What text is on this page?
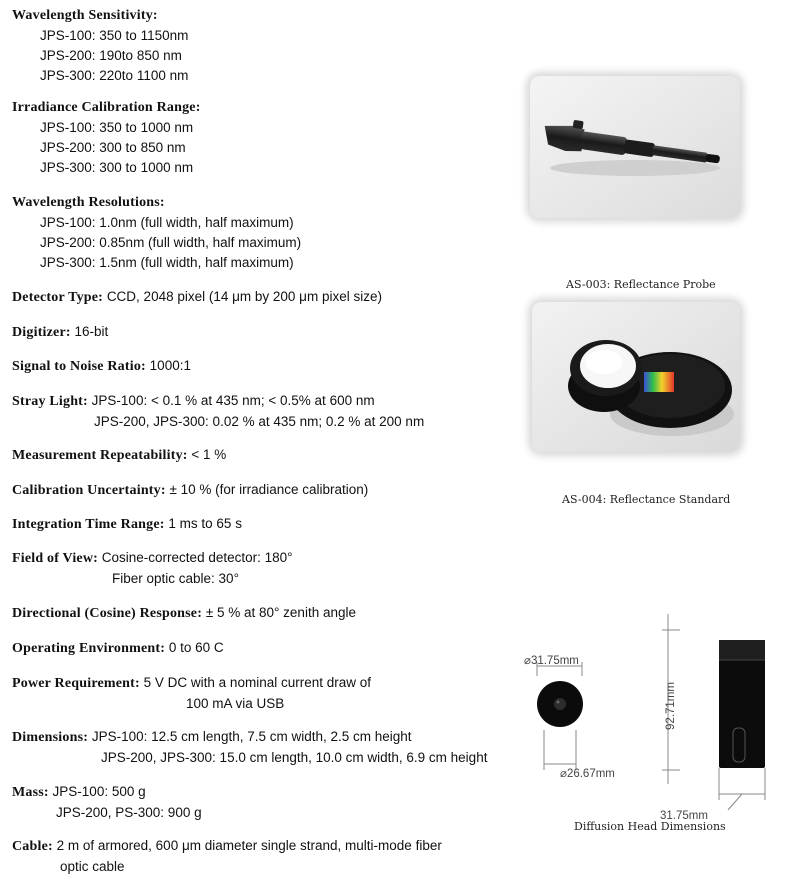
Wavelength Sensitivity:
JPS-100: 350 to 1150nm
JPS-200: 190to 850 nm
JPS-300: 220to 1100 nm
Irradiance Calibration Range:
JPS-100: 350 to 1000 nm
JPS-200: 300 to 850 nm
JPS-300: 300 to 1000 nm
Wavelength Resolutions:
JPS-100: 1.0nm (full width, half maximum)
JPS-200: 0.85nm (full width, half maximum)
JPS-300: 1.5nm (full width, half maximum)
Detector Type: CCD, 2048 pixel (14 μm by 200 μm pixel size)
Digitizer: 16-bit
Signal to Noise Ratio: 1000:1
Stray Light: JPS-100: < 0.1 % at 435 nm; < 0.5% at 600 nm
JPS-200, JPS-300: 0.02 % at 435 nm; 0.2 % at 200 nm
Measurement Repeatability: < 1 %
Calibration Uncertainty: ± 10 % (for irradiance calibration)
Integration Time Range: 1 ms to 65 s
Field of View: Cosine-corrected detector: 180°
Fiber optic cable: 30°
Directional (Cosine) Response: ± 5 % at 80° zenith angle
Operating Environment: 0 to 60 C
Power Requirement: 5 V DC with a nominal current draw of
100 mA via USB
Dimensions: JPS-100: 12.5 cm length, 7.5 cm width, 2.5 cm height
JPS-200, JPS-300: 15.0 cm length, 10.0 cm width, 6.9 cm height
Mass: JPS-100: 500 g
JPS-200, PS-300: 900 g
Cable: 2 m of armored, 600 μm diameter single strand, multi-mode fiber
optic cable
AS-003: Reflectance Probe
AS-004: Reflectance Standard
⌀31.75mm
⌀26.67mm
92.71mm
31.75mm
Diffusion Head Dimensions
